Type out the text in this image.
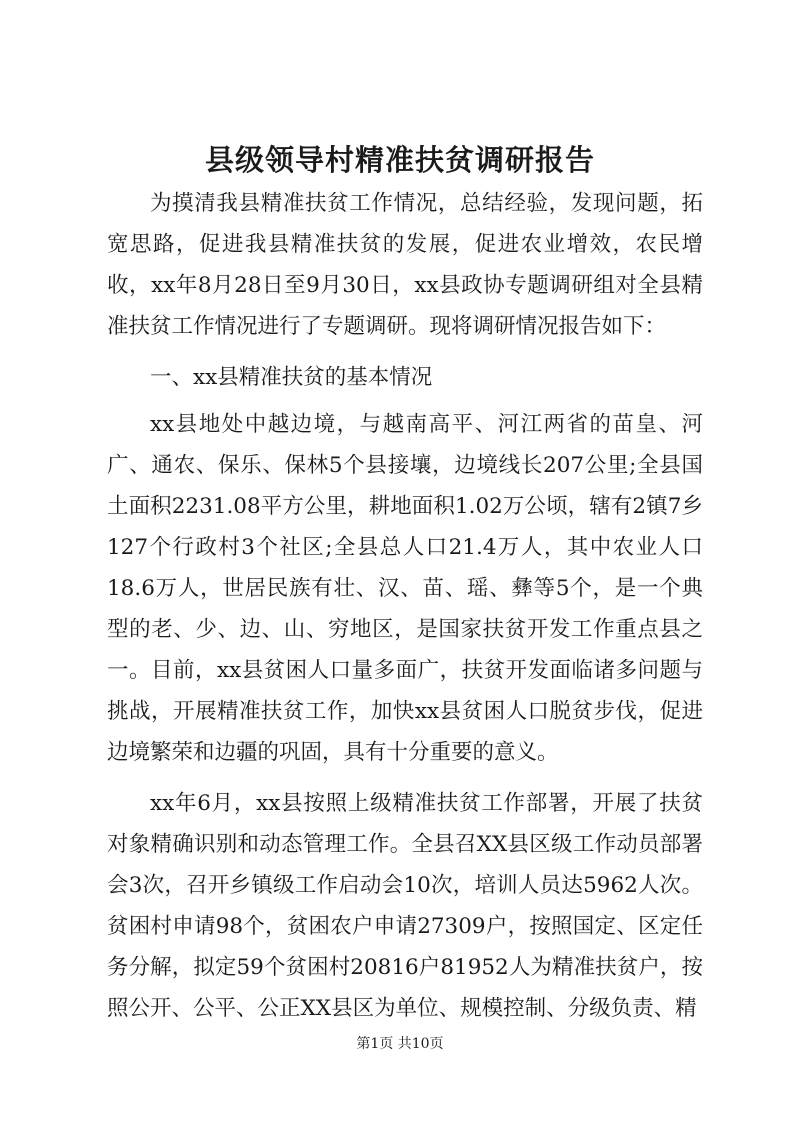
县级领导村精准扶贫调研报告

为摸清我县精准扶贫工作情况，总结经验，发现问题，拓宽思路，促进我县精准扶贫的发展，促进农业增效，农民增收，xx年8月28日至9月30日，xx县政协专题调研组对全县精准扶贫工作情况进行了专题调研。现将调研情况报告如下：

一、xx县精准扶贫的基本情况

xx县地处中越边境，与越南高平、河江两省的苗皇、河广、通农、保乐、保林5个县接壤，边境线长207公里;全县国土面积2231.08平方公里，耕地面积1.02万公顷，辖有2镇7乡127个行政村3个社区;全县总人口21.4万人，其中农业人口18.6万人，世居民族有壮、汉、苗、瑶、彝等5个，是一个典型的老、少、边、山、穷地区，是国家扶贫开发工作重点县之一。目前，xx县贫困人口量多面广，扶贫开发面临诸多问题与挑战，开展精准扶贫工作，加快xx县贫困人口脱贫步伐，促进边境繁荣和边疆的巩固，具有十分重要的意义。

xx年6月，xx县按照上级精准扶贫工作部署，开展了扶贫对象精确识别和动态管理工作。全县召XX县区级工作动员部署会3次，召开乡镇级工作启动会10次，培训人员达5962人次。贫困村申请98个，贫困农户申请27309户，按照国定、区定任务分解，拟定59个贫困村20816户81952人为精准扶贫户，按照公开、公平、公正XX县区为单位、规模控制、分级负责、精

第1页 共10页
